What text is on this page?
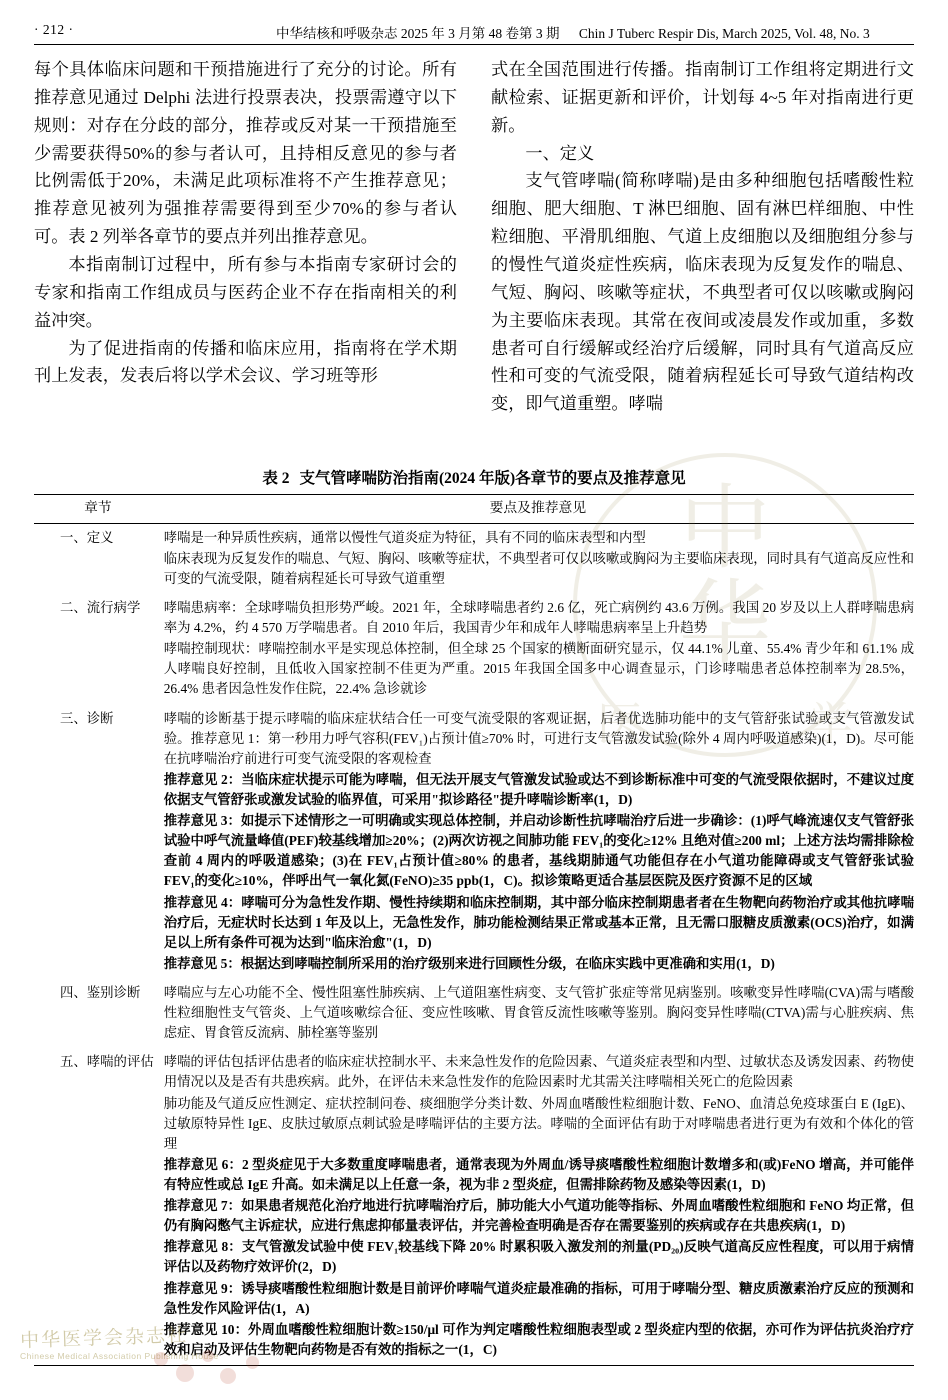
· 212 ·	中华结核和呼吸杂志 2025 年 3 月第 48 卷第 3 期 Chin J Tuberc Respir Dis, March 2025, Vol. 48, No. 3

每个具体临床问题和干预措施进行了充分的讨论。所有推荐意见通过 Delphi 法进行投票表决，投票需遵守以下规则：对存在分歧的部分，推荐或反对某一干预措施至少需要获得50%的参与者认可，且持相反意见的参与者比例需低于20%，未满足此项标准将不产生推荐意见；推荐意见被列为强推荐需要得到至少70%的参与者认可。表 2 列举各章节的要点并列出推荐意见。

本指南制订过程中，所有参与本指南专家研讨会的专家和指南工作组成员与医药企业不存在指南相关的利益冲突。

为了促进指南的传播和临床应用，指南将在学术期刊上发表，发表后将以学术会议、学习班等形

式在全国范围进行传播。指南制订工作组将定期进行文献检索、证据更新和评价，计划每 4~5 年对指南进行更新。

一、定义

支气管哮喘(简称哮喘)是由多种细胞包括嗜酸性粒细胞、肥大细胞、T 淋巴细胞、固有淋巴样细胞、中性粒细胞、平滑肌细胞、气道上皮细胞以及细胞组分参与的慢性气道炎症性疾病，临床表现为反复发作的喘息、气短、胸闷、咳嗽等症状，不典型者可仅以咳嗽或胸闷为主要临床表现。其常在夜间或凌晨发作或加重，多数患者可自行缓解或经治疗后缓解，同时具有气道高反应性和可变的气流受限，随着病程延长可导致气道结构改变，即气道重塑。哮喘

表 2 支气管哮喘防治指南(2024 年版)各章节的要点及推荐意见
章节	要点及推荐意见
一、定义	哮喘是一种异质性疾病，通常以慢性气道炎症为特征，具有不同的临床表型和内型
临床表现为反复发作的喘息、气短、胸闷、咳嗽等症状，不典型者可仅以咳嗽或胸闷为主要临床表现，同时具有气道高反应性和可变的气流受限，随着病程延长可导致气道重塑

二、流行病学	哮喘患病率：全球哮喘负担形势严峻。2021 年，全球哮喘患者约 2.6 亿，死亡病例约 43.6 万例。我国 20 岁及以上人群哮喘患病率为 4.2%，约 4 570 万学喘患者。自 2010 年后，我国青少年和成年人哮喘患病率呈上升趋势
哮喘控制现状：哮喘控制水平是实现总体控制，但全球 25 个国家的横断面研究显示，仅 44.1% 儿童、55.4% 青少年和 61.1% 成人哮喘良好控制，且低收入国家控制不佳更为严重。2015 年我国全国多中心调查显示，门诊哮喘患者总体控制率为 28.5%，26.4% 患者因急性发作住院，22.4% 急诊就诊

三、诊断	哮喘的诊断基于提示哮喘的临床症状结合任一可变气流受限的客观证据，后者优选肺功能中的支气管舒张试验或支气管激发试验。推荐意见 1：第一秒用力呼气容积(FEV₁)占预计值≥70% 时，可进行支气管激发试验(除外 4 周内呼吸道感染)(1，D)。尽可能在抗哮喘治疗前进行可变气流受限的客观检查
推荐意见 2：当临床症状提示可能为哮喘，但无法开展支气管激发试验或达不到诊断标准中可变的气流受限依据时，不建议过度依据支气管舒张或激发试验的临界值，可采用"拟诊路径"提升哮喘诊断率(1，D)
推荐意见 3：如提示下述情形之一可明确或实现总体控制，并启动诊断性抗哮喘治疗后进一步确诊：(1)呼气峰流速仅支气管舒张试验中呼气流量峰值(PEF)较基线增加≥20%；(2)两次访视之间肺功能 FEV₁的变化≥12% 且绝对值≥200 ml；上述方法均需排除检查前 4 周内的呼吸道感染；(3)在 FEV₁占预计值≥80% 的患者，基线期肺通气功能但存在小气道功能障碍或支气管舒张试验 FEV₁的变化≥10%，伴呼出气一氧化氮(FeNO)≥35 ppb(1，C)。拟诊策略更适合基层医院及医疗资源不足的区域
推荐意见 4：哮喘可分为急性发作期、慢性持续期和临床控制期，其中部分临床控制期患者者在生物靶向药物治疗或其他抗哮喘治疗后，无症状时长达到 1 年及以上，无急性发作，肺功能检测结果正常或基本正常，且无需口服糖皮质激素(OCS)治疗，如满足以上所有条件可视为达到"临床治愈"(1，D)
推荐意见 5：根据达到哮喘控制所采用的治疗级别来进行回顾性分级，在临床实践中更准确和实用(1，D)

四、鉴别诊断	哮喘应与左心功能不全、慢性阻塞性肺疾病、上气道阻塞性病变、支气管扩张症等常见病鉴别。咳嗽变异性哮喘(CVA)需与嗜酸性粒细胞性支气管炎、上气道咳嗽综合征、变应性咳嗽、胃食管反流性咳嗽等鉴别。胸闷变异性哮喘(CTVA)需与心脏疾病、焦虑症、胃食管反流病、肺栓塞等鉴别

五、哮喘的评估	哮喘的评估包括评估患者的临床症状控制水平、未来急性发作的危险因素、气道炎症表型和内型、过敏状态及诱发因素、药物使用情况以及是否有共患疾病。此外，在评估未来急性发作的危险因素时尤其需关注哮喘相关死亡的危险因素
肺功能及气道反应性测定、症状控制问卷、痰细胞学分类计数、外周血嗜酸性粒细胞计数、FeNO、血清总免疫球蛋白 E (IgE)、过敏原特异性 IgE、皮肤过敏原点刺试验是哮喘评估的主要方法。哮喘的全面评估有助于对哮喘患者进行更为有效和个体化的管理
推荐意见 6：2 型炎症见于大多数重度哮喘患者，通常表现为外周血/诱导痰嗜酸性粒细胞计数增多和(或)FeNO 增高，并可能伴有特应性或总 IgE 升高。如未满足以上任意一条，视为非 2 型炎症，但需排除药物及感染等因素(1，D)
推荐意见 7：如果患者规范化治疗地进行抗哮喘治疗后，肺功能大小气道功能等指标、外周血嗜酸性粒细胞和 FeNO 均正常，但仍有胸闷憋气主诉症状，应进行焦虑抑郁量表评估，并完善检查明确是否存在需要鉴别的疾病或存在共患疾病(1，D)
推荐意见 8：支气管激发试验中使 FEV₁较基线下降 20% 时累积吸入激发剂的剂量(PD₂₀)反映气道高反应性程度，可以用于病情评估以及药物疗效评价(2，D)
推荐意见 9：诱导痰嗜酸性粒细胞计数是目前评价哮喘气道炎症最准确的指标，可用于哮喘分型、糖皮质激素治疗反应的预测和急性发作风险评估(1，A)
推荐意见 10：外周血嗜酸性粒细胞计数≥150/μl 可作为判定嗜酸性粒细胞表型或 2 型炎症内型的依据，亦可作为评估抗炎治疗疗效和启动及评估生物靶向药物是否有效的指标之一(1，C)
中
华
医	学
中华医学会杂志社
Chinese Medical Association Publishing House
